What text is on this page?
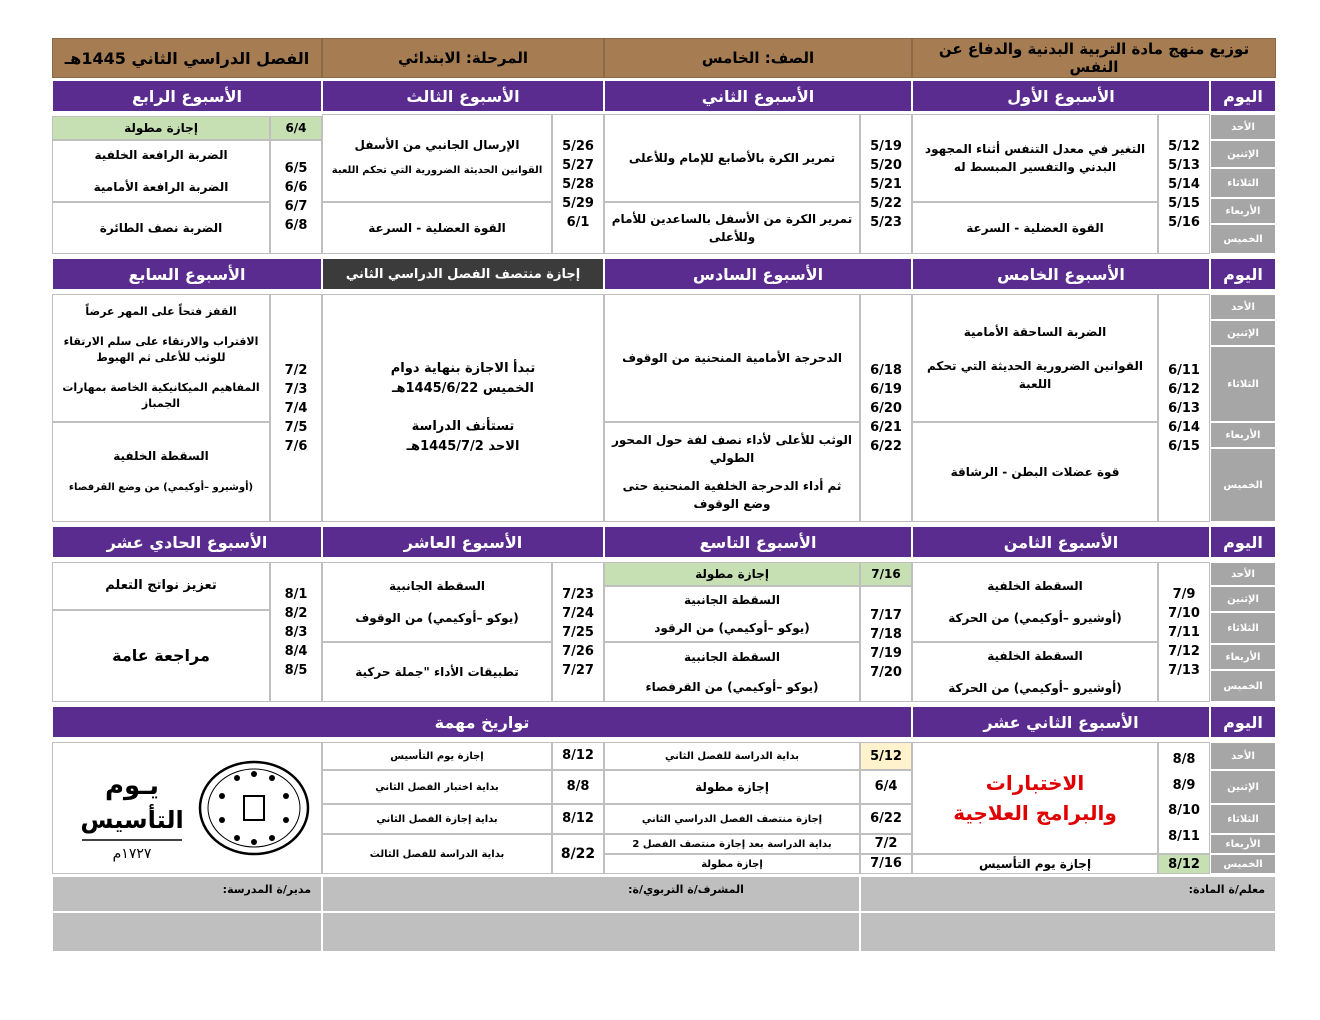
توزيع منهج مادة التربية البدنية والدفاع عن النفس
الصف: الخامس
المرحلة: الابتدائي
الفصل الدراسي الثاني 1445هـ
اليوم
الأسبوع الأول
الأسبوع الثاني
الأسبوع الثالث
الأسبوع الرابع
الأحد
الإثنين
الثلاثاء
الأربعاء
الخميس
5/12
5/13
5/14
5/15
5/16
التغير في معدل التنفس أثناء المجهود البدني والتفسير المبسط له
القوة العضلية - السرعة
5/19
5/20
5/21
5/22
5/23
تمرير الكرة بالأصابع للإمام وللأعلى
تمرير الكرة من الأسفل بالساعدين للأمام وللأعلى
5/26
5/27
5/28
5/29
6/1
الإرسال الجانبي من الأسفل
القوانين الحديثة الضرورية التي تحكم اللعبة
القوة العضلية - السرعة
6/4
إجازة مطولة
6/5
6/6
6/7
6/8
الضربة الرافعة الخلفية
الضربة الرافعة الأمامية
الضربة نصف الطائرة
اليوم
الأسبوع الخامس
الأسبوع السادس
إجازة منتصف الفصل الدراسي الثاني
الأسبوع السابع
الأحد
الإثنين
الثلاثاء
الأربعاء
الخميس
6/11
6/12
6/13
6/14
6/15
الضربة الساحقة الأمامية
القوانين الضرورية الحديثة التي تحكم اللعبة
قوة عضلات البطن - الرشاقة
6/18
6/19
6/20
6/21
6/22
الدحرجة الأمامية المنحنية من الوقوف
الوثب للأعلى لأداء نصف لفة حول المحور الطولي
ثم أداء الدحرجة الخلفية المنحنية حتى وضع الوقوف
تبدأ الاجازة بنهاية دوام
الخميس 1445/6/22هـ
تستأنف الدراسة
الاحد 1445/7/2هـ
7/2
7/3
7/4
7/5
7/6
القفز فتحاً على المهر عرضاً
الاقتراب والارتقاء على سلم الارتقاء للوثب للأعلى ثم الهبوط
المفاهيم الميكانيكية الخاصة بمهارات الجمباز
السقطة الخلفية
(أوشيرو –أوكيمي) من وضع القرفصاء
اليوم
الأسبوع الثامن
الأسبوع التاسع
الأسبوع العاشر
الأسبوع الحادي عشر
الأحد
الإثنين
الثلاثاء
الأربعاء
الخميس
7/9
7/10
7/11
7/12
7/13
السقطة الخلفية
(أوشيرو –أوكيمي) من الحركة
السقطة الخلفية
(أوشيرو –أوكيمي) من الحركة
7/16
إجازة مطولة
7/17
7/18
7/19
7/20
السقطة الجانبية
(يوكو –أوكيمي) من الرقود
السقطة الجانبية
(يوكو –أوكيمي) من القرفصاء
7/23
7/24
7/25
7/26
7/27
السقطة الجانبية
(يوكو –أوكيمي) من الوقوف
تطبيقات الأداء "جملة حركية
8/1
8/2
8/3
8/4
8/5
تعزيز نواتج التعلم
مراجعة عامة
اليوم
الأسبوع الثاني عشر
تواريخ مهمة
الأحد
الإثنين
الثلاثاء
الأربعاء
الخميس
8/8
8/9
8/10
8/11
8/12
الاختبارات
والبرامج العلاجية
إجازة يوم التأسيس
5/12
بداية الدراسة للفصل الثاني
6/4
إجازة مطولة
6/22
إجازة منتصف الفصل الدراسي الثاني
7/2
بداية الدراسة بعد إجازة منتصف الفصل 2
7/16
إجازة مطولة
8/12
إجازة يوم التأسيس
8/8
بداية اختبار الفصل الثاني
8/12
بداية إجازة الفصل الثاني
8/22
بداية الدراسة للفصل الثالث
يـوم
التأسيس
١٧٢٧م
معلم/ة المادة:
المشرف/ة التربوي/ة:
مدير/ة المدرسة:
